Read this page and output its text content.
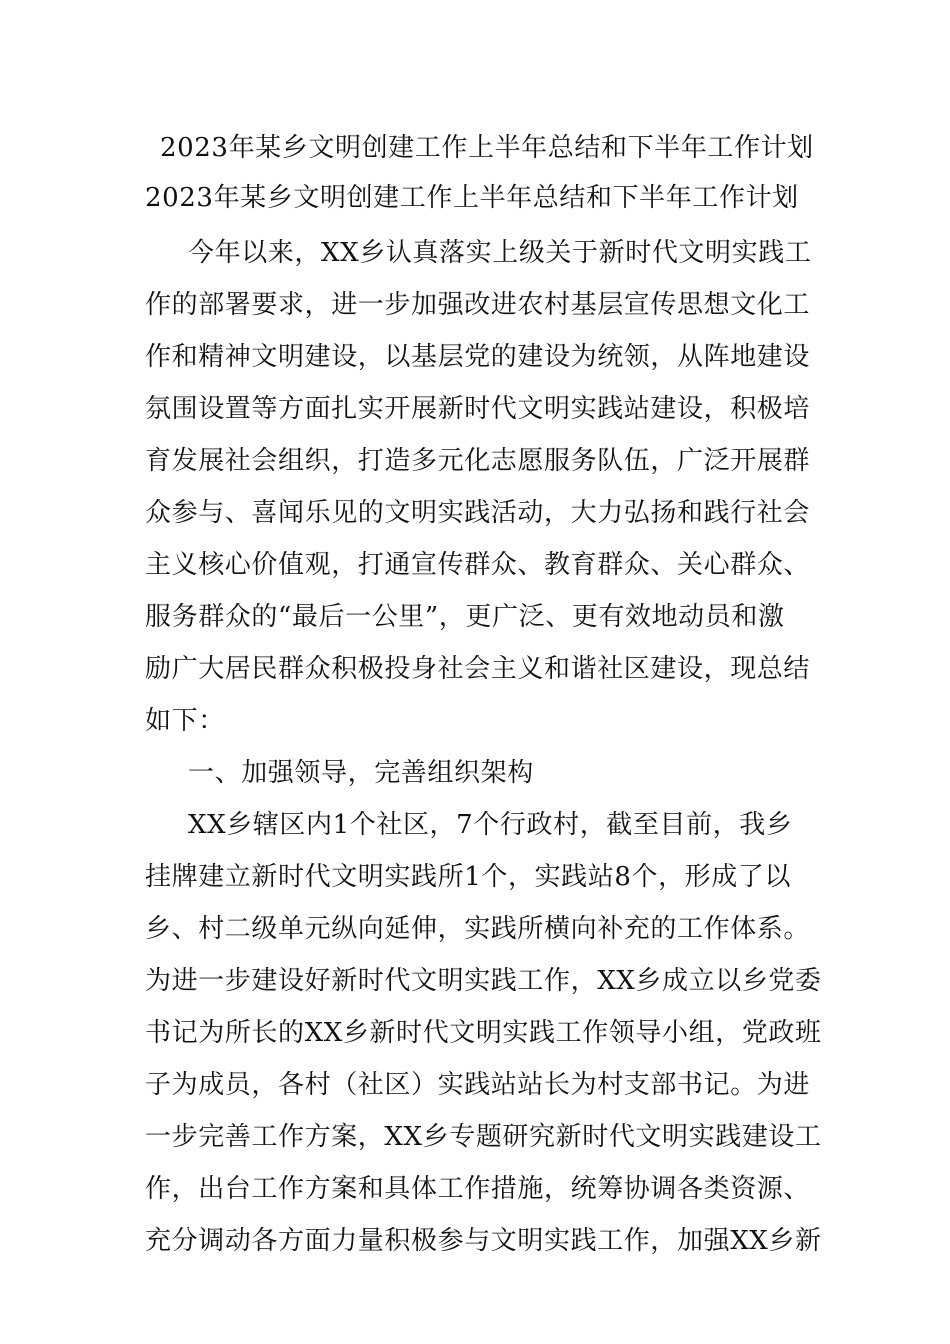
2023年某乡文明创建工作上半年总结和下半年工作计划
2023年某乡文明创建工作上半年总结和下半年工作计划
今年以来，XX乡认真落实上级关于新时代文明实践工
作的部署要求，进一步加强改进农村基层宣传思想文化工
作和精神文明建设，以基层党的建设为统领，从阵地建设
氛围设置等方面扎实开展新时代文明实践站建设，积极培
育发展社会组织，打造多元化志愿服务队伍，广泛开展群
众参与、喜闻乐见的文明实践活动，大力弘扬和践行社会
主义核心价值观，打通宣传群众、教育群众、关心群众、
服务群众的“最后一公里”，更广泛、更有效地动员和激
励广大居民群众积极投身社会主义和谐社区建设，现总结
如下：
一、加强领导，完善组织架构
XX乡辖区内1个社区，7个行政村，截至目前，我乡
挂牌建立新时代文明实践所1个，实践站8个，形成了以
乡、村二级单元纵向延伸，实践所横向补充的工作体系。
为进一步建设好新时代文明实践工作，XX乡成立以乡党委
书记为所长的XX乡新时代文明实践工作领导小组，党政班
子为成员，各村（社区）实践站站长为村支部书记。为进
一步完善工作方案，XX乡专题研究新时代文明实践建设工
作，出台工作方案和具体工作措施，统筹协调各类资源、
充分调动各方面力量积极参与文明实践工作，加强XX乡新
